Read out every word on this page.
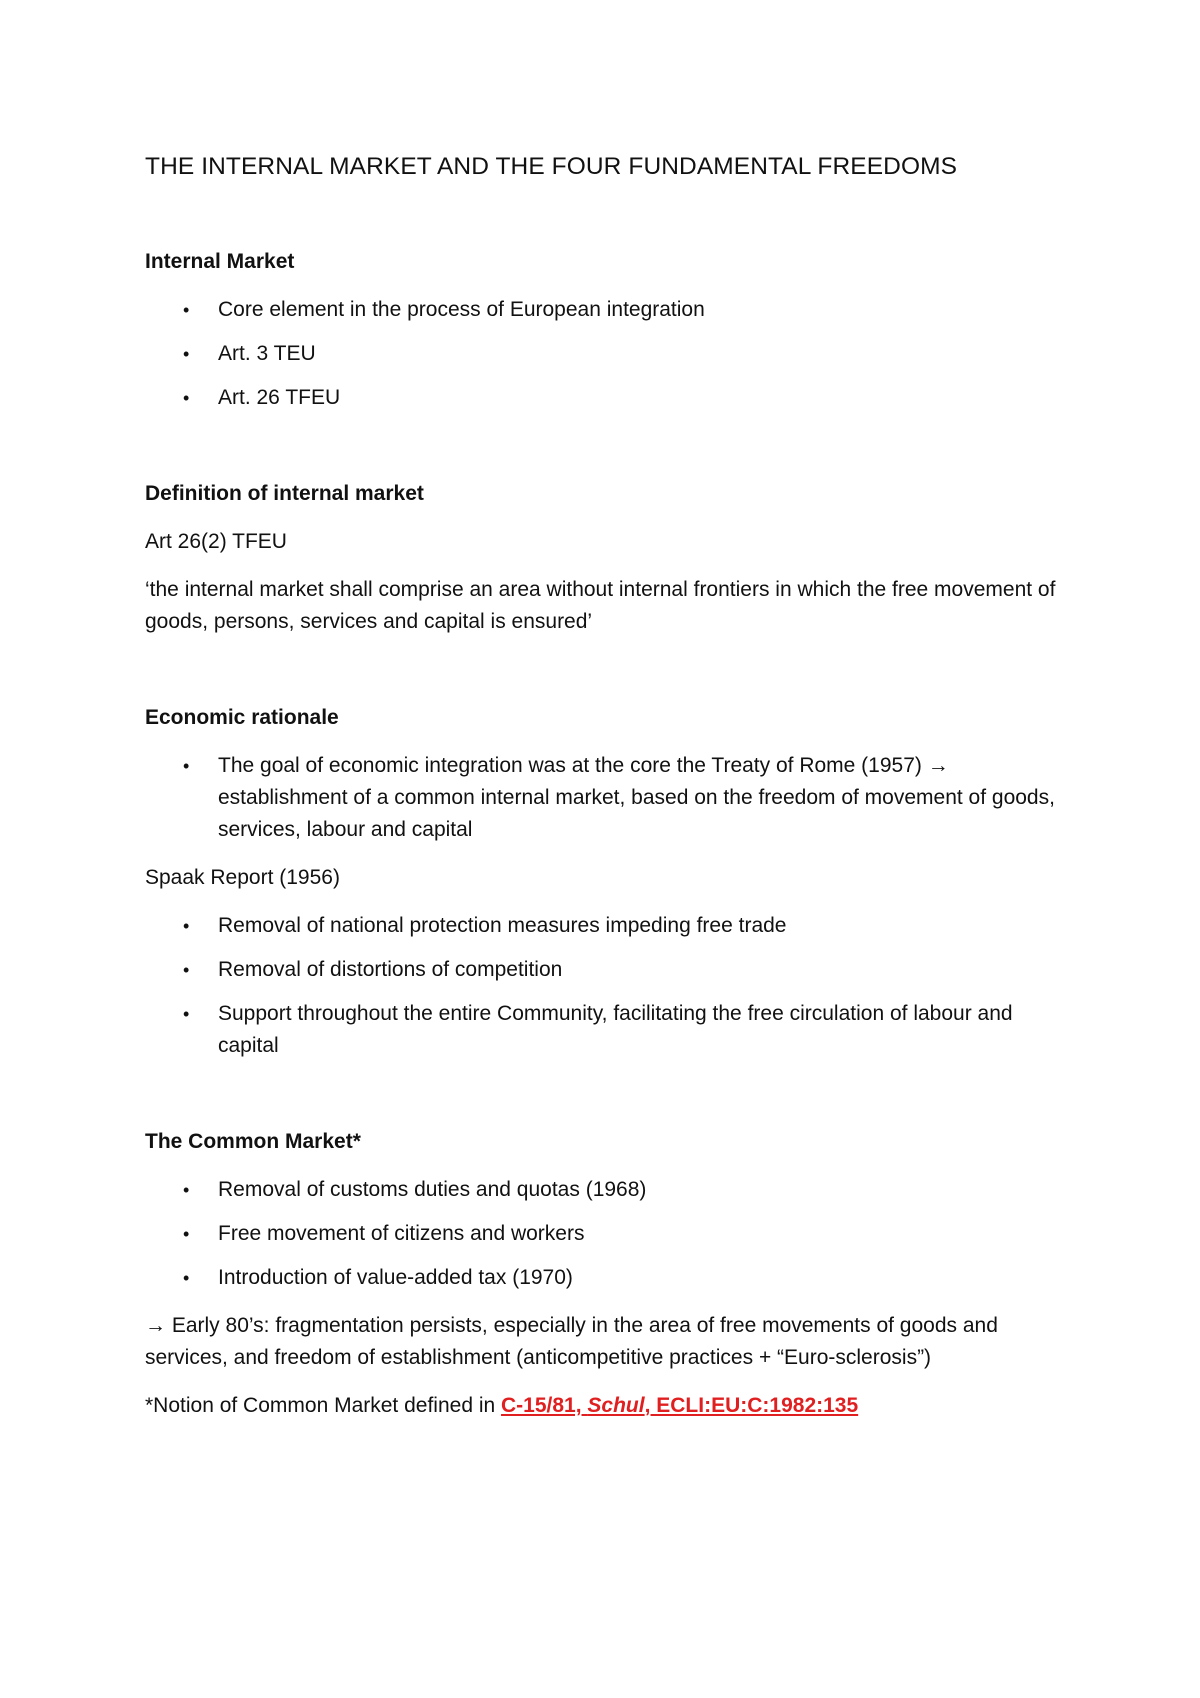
THE INTERNAL MARKET AND THE FOUR FUNDAMENTAL FREEDOMS

Internal Market

• Core element in the process of European integration
• Art. 3 TEU
• Art. 26 TFEU

Definition of internal market

Art 26(2) TFEU

‘the internal market shall comprise an area without internal frontiers in which the free movement of goods, persons, services and capital is ensured’

Economic rationale

• The goal of economic integration was at the core the Treaty of Rome (1957) → establishment of a common internal market, based on the freedom of movement of goods, services, labour and capital

Spaak Report (1956)

• Removal of national protection measures impeding free trade
• Removal of distortions of competition
• Support throughout the entire Community, facilitating the free circulation of labour and capital

The Common Market*

• Removal of customs duties and quotas (1968)
• Free movement of citizens and workers
• Introduction of value-added tax (1970)

→ Early 80’s: fragmentation persists, especially in the area of free movements of goods and services, and freedom of establishment (anticompetitive practices + “Euro-sclerosis”)

*Notion of Common Market defined in C-15/81, Schul, ECLI:EU:C:1982:135
